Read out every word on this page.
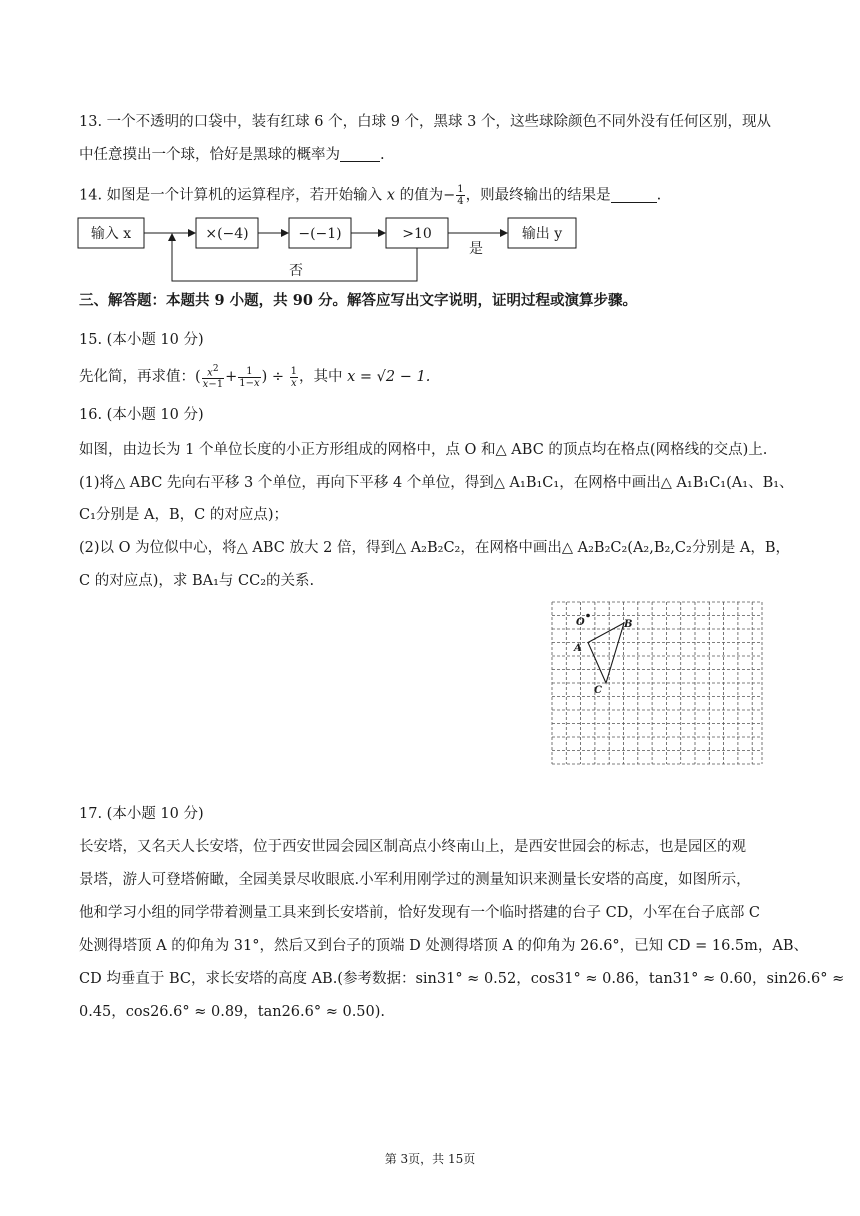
13. 一个不透明的口袋中，装有红球 6 个，白球 9 个，黑球 3 个，这些球除颜色不同外没有任何区别，现从
中任意摸出一个球，恰好是黑球的概率为	.
14. 如图是一个计算机的运算程序，若开始输入 x 的值为− $\frac{1}{4}$ ，则最终输出的结果是	.
输入 x	×(−4)	−(−1)	>10	输出 y
是
否
三、解答题：本题共 9 小题，共 90 分。解答应写出文字说明，证明过程或演算步骤。
15. (本小题 10 分)
先化简，再求值：( $\frac{x^2}{x-1} + \frac{1}{1-x}$ ) ÷ $\frac{1}{x}$ ，其中 x = √2 − 1.
16. (本小题 10 分)
如图，由边长为 1 个单位长度的小正方形组成的网格中，点 O 和△ ABC 的顶点均在格点(网格线的交点)上.
(1)将△ ABC 先向右平移 3 个单位，再向下平移 4 个单位，得到△ A₁B₁C₁，在网格中画出△ A₁B₁C₁(A₁、B₁、
C₁分别是 A，B，C 的对应点)；
(2)以 O 为位似中心，将△ ABC 放大 2 倍，得到△ A₂B₂C₂，在网格中画出△ A₂B₂C₂(A₂,B₂,C₂分别是 A，B，
C 的对应点)，求 BA₁与 CC₂的关系.
O
A
B
C
17. (本小题 10 分)
长安塔，又名天人长安塔，位于西安世园会园区制高点小终南山上，是西安世园会的标志，也是园区的观
景塔，游人可登塔俯瞰，全园美景尽收眼底.小军利用刚学过的测量知识来测量长安塔的高度，如图所示，
他和学习小组的同学带着测量工具来到长安塔前，恰好发现有一个临时搭建的台子 CD，小军在台子底部 C
处测得塔顶 A 的仰角为 31°，然后又到台子的顶端 D 处测得塔顶 A 的仰角为 26.6°，已知 CD = 16.5m，AB、
CD 均垂直于 BC，求长安塔的高度 AB.(参考数据：sin31° ≈ 0.52，cos31° ≈ 0.86，tan31° ≈ 0.60，sin26.6° ≈
0.45，cos26.6° ≈ 0.89，tan26.6° ≈ 0.50).
第 3页，共 15页
